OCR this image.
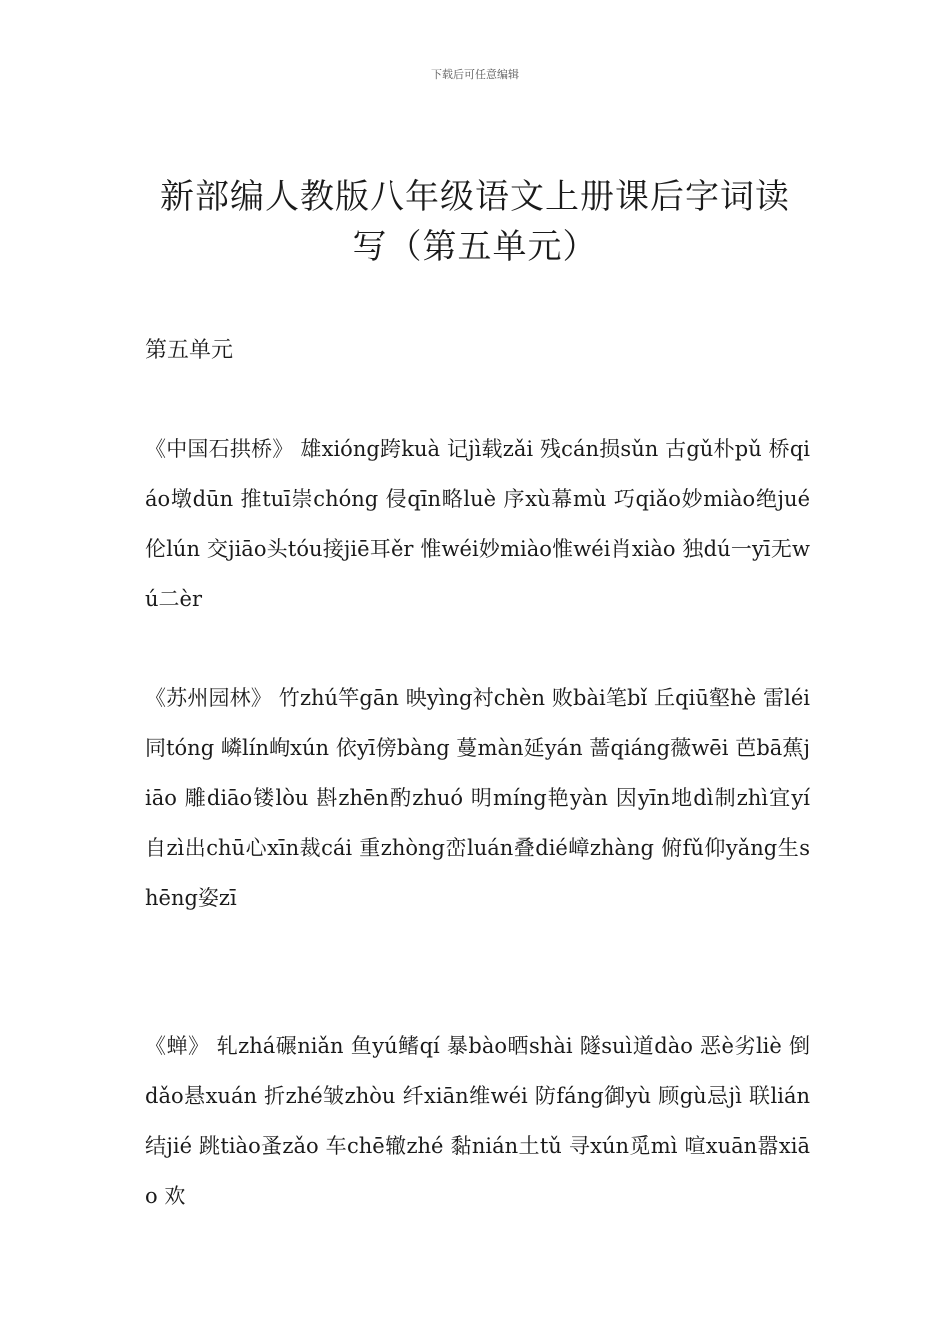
下载后可任意编辑
新部编人教版八年级语文上册课后字词读写（第五单元）
第五单元
《中国石拱桥》 雄xióng跨kuà 记jì载zǎi 残cán损sǔn 古gǔ朴pǔ 桥qiáo墩dūn 推tuī崇chóng 侵qīn略luè 序xù幕mù 巧qiǎo妙miào绝jué伦lún 交jiāo头tóu接jiē耳ěr 惟wéi妙miào惟wéi肖xiào 独dú一yī无wú二èr
《苏州园林》 竹zhú竿gān 映yìng衬chèn 败bài笔bǐ 丘qiū壑hè 雷léi同tóng 嶙lín峋xún 依yī傍bàng 蔓màn延yán 蔷qiáng薇wēi 芭bā蕉jiāo 雕diāo镂lòu 斟zhēn酌zhuó 明míng艳yàn 因yīn地dì制zhì宜yí 自zì出chū心xīn裁cái 重zhòng峦luán叠dié嶂zhàng 俯fǔ仰yǎng生shēng姿zī
《蝉》 轧zhá碾niǎn 鱼yú鳍qí 暴bào晒shài 隧suì道dào 恶è劣liè 倒dǎo悬xuán 折zhé皱zhòu 纤xiān维wéi 防fáng御yù 顾gù忌jì 联lián结jié 跳tiào蚤zǎo 车chē辙zhé 黏nián土tǔ 寻xún觅mì 喧xuān嚣xiāo 欢
